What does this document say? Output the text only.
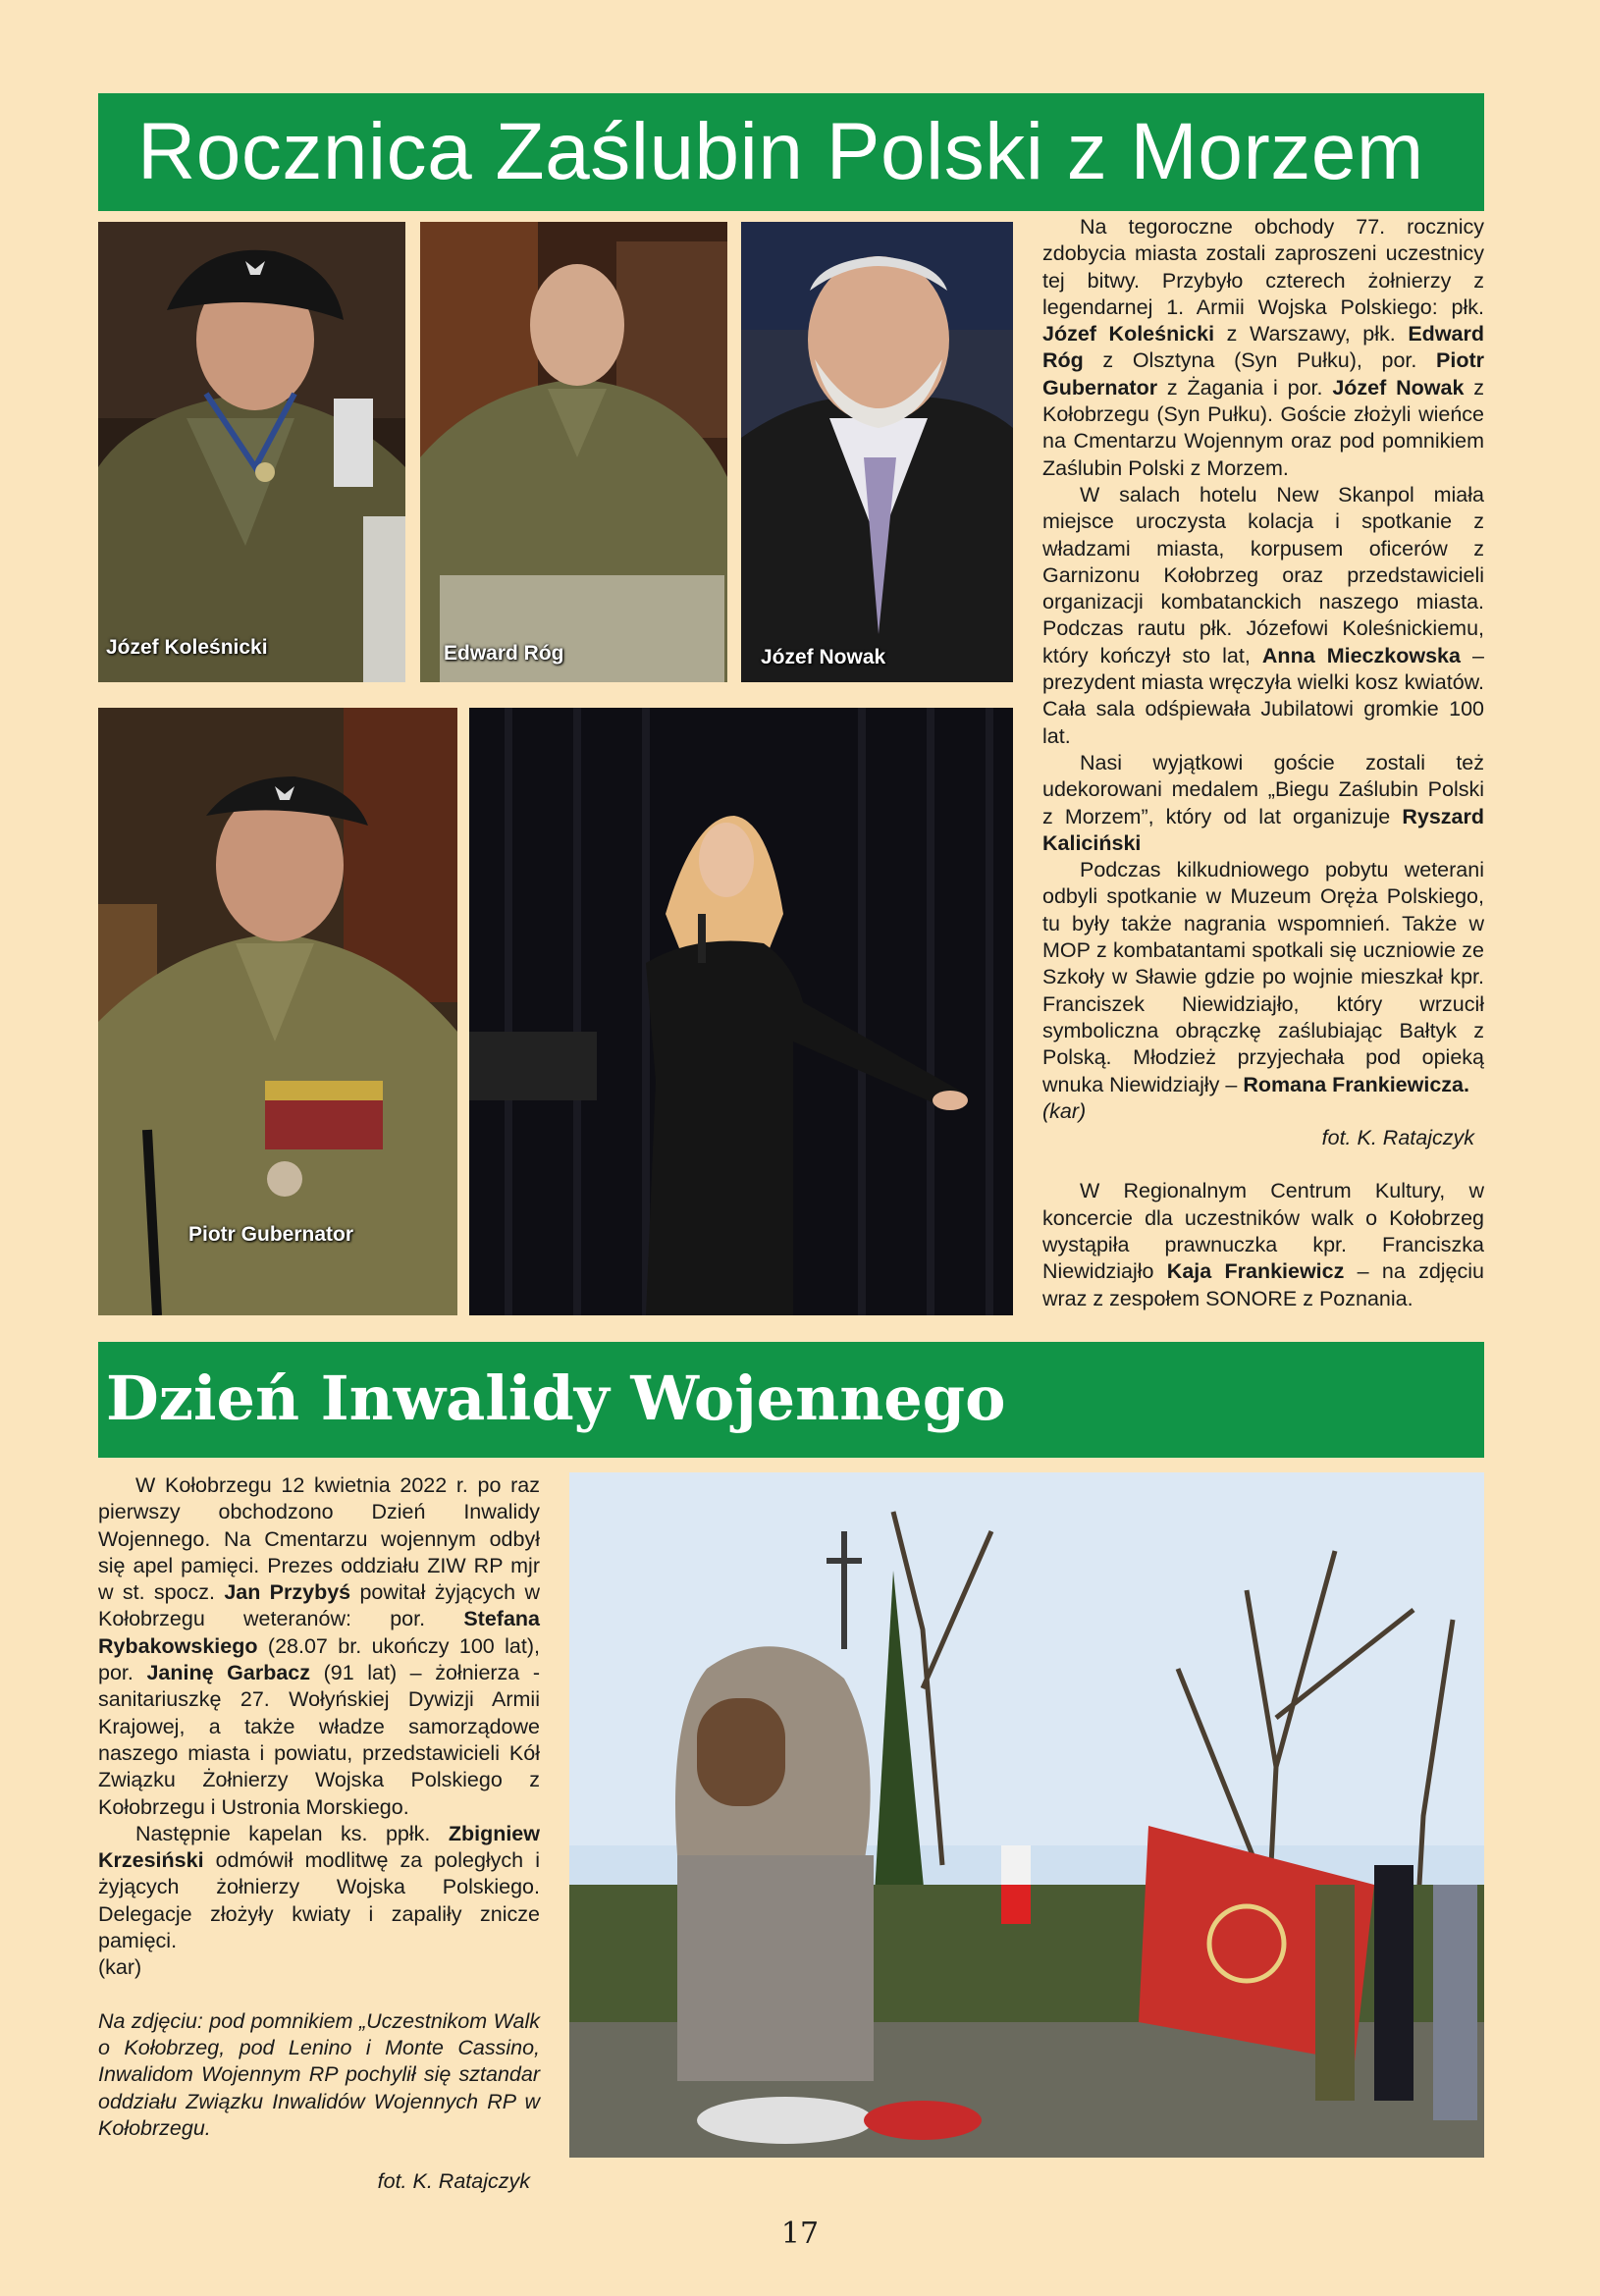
Rocznica Zaślubin Polski z Morzem
Józef Koleśnicki	Edward Róg	Józef Nowak
Piotr Gubernator

Na tegoroczne obchody 77. rocznicy zdobycia miasta zostali zaproszeni uczestnicy tej bitwy. Przybyło czterech żołnierzy z legendarnej 1. Armii Wojska Polskiego: płk. Józef Koleśnicki z Warszawy, płk. Edward Róg z Olsztyna (Syn Pułku), por. Piotr Gubernator z Żagania i por. Józef Nowak z Kołobrzegu (Syn Pułku). Goście złożyli wieńce na Cmentarzu Wojennym oraz pod pomnikiem Zaślubin Polski z Morzem.

W salach hotelu New Skanpol miała miejsce uroczysta kolacja i spotkanie z władzami miasta, korpusem oficerów z Garnizonu Kołobrzeg oraz przedstawicieli organizacji kombatanckich naszego miasta. Podczas rautu płk. Józefowi Koleśnickiemu, który kończył sto lat, Anna Mieczkowska – prezydent miasta wręczyła wielki kosz kwiatów. Cała sala odśpiewała Jubilatowi gromkie 100 lat.

Nasi wyjątkowi goście zostali też udekorowani medalem „Biegu Zaślubin Polski z Morzem”, który od lat organizuje Ryszard Kaliciński

Podczas kilkudniowego pobytu weterani odbyli spotkanie w Muzeum Oręża Polskiego, tu były także nagrania wspomnień. Także w MOP z kombatantami spotkali się uczniowie ze Szkoły w Sławie gdzie po wojnie mieszkał kpr. Franciszek Niewidziajło, który wrzucił symboliczna obrączkę zaślubiając Bałtyk z Polską. Młodzież przyjechała pod opieką wnuka Niewidziajły – Romana Frankiewicza.

(kar)

fot. K. Ratajczyk

W Regionalnym Centrum Kultury, w koncercie dla uczestników walk o Kołobrzeg wystąpiła prawnuczka kpr. Franciszka Niewidziajło Kaja Frankiewicz – na zdjęciu wraz z zespołem SONORE z Poznania.

Dzień Inwalidy Wojennego

W Kołobrzegu 12 kwietnia 2022 r. po raz pierwszy obchodzono Dzień Inwalidy Wojennego. Na Cmentarzu wojennym odbył się apel pamięci. Prezes oddziału ZIW RP mjr w st. spocz. Jan Przybyś powitał żyjących w Kołobrzegu weteranów: por. Stefana Rybakowskiego (28.07 br. ukończy 100 lat), por. Janinę Garbacz (91 lat) – żołnierza - sanitariuszkę 27. Wołyńskiej Dywizji Armii Krajowej, a także władze samorządowe naszego miasta i powiatu, przedstawicieli Kół Związku Żołnierzy Wojska Polskiego z Kołobrzegu i Ustronia Morskiego.

Następnie kapelan ks. ppłk. Zbigniew Krzesiński odmówił modlitwę za poległych i żyjących żołnierzy Wojska Polskiego. Delegacje złożyły kwiaty i zapaliły znicze pamięci.

(kar)

Na zdjęciu: pod pomnikiem „Uczestnikom Walk o Kołobrzeg, pod Lenino i Monte Cassino, Inwalidom Wojennym RP pochylił się sztandar oddziału Związku Inwalidów Wojennych RP w Kołobrzegu.

fot. K. Ratajczyk

17
